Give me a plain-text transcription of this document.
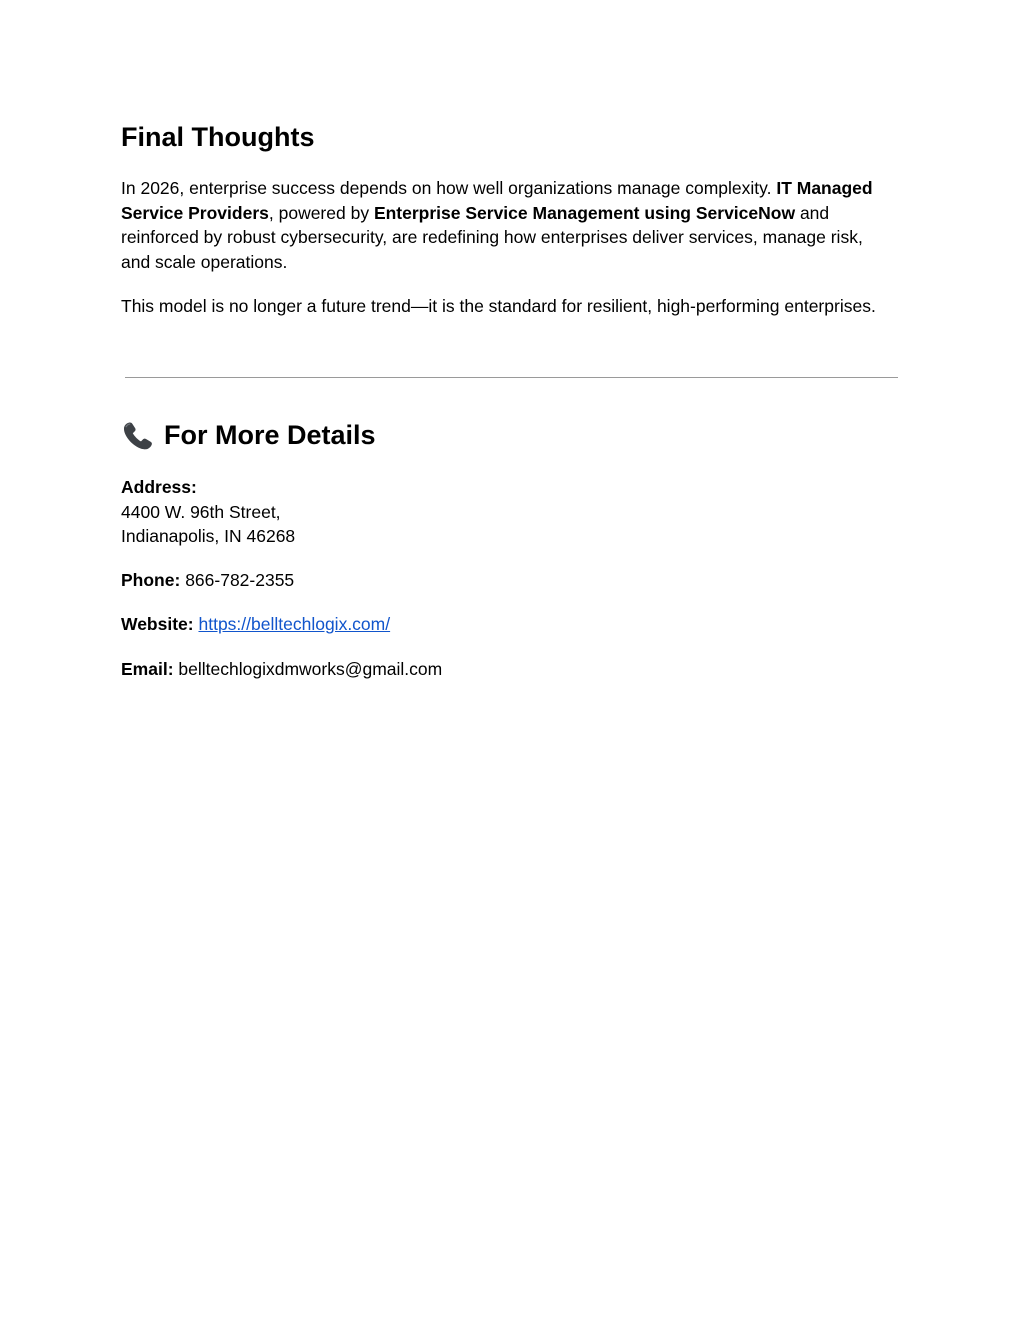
Final Thoughts

In 2026, enterprise success depends on how well organizations manage complexity. IT Managed Service Providers, powered by Enterprise Service Management using ServiceNow and reinforced by robust cybersecurity, are redefining how enterprises deliver services, manage risk, and scale operations.

This model is no longer a future trend—it is the standard for resilient, high-performing enterprises.

For More Details

Address:
4400 W. 96th Street,
Indianapolis, IN 46268

Phone: 866-782-2355

Website: https://belltechlogix.com/

Email: belltechlogixdmworks@gmail.com
